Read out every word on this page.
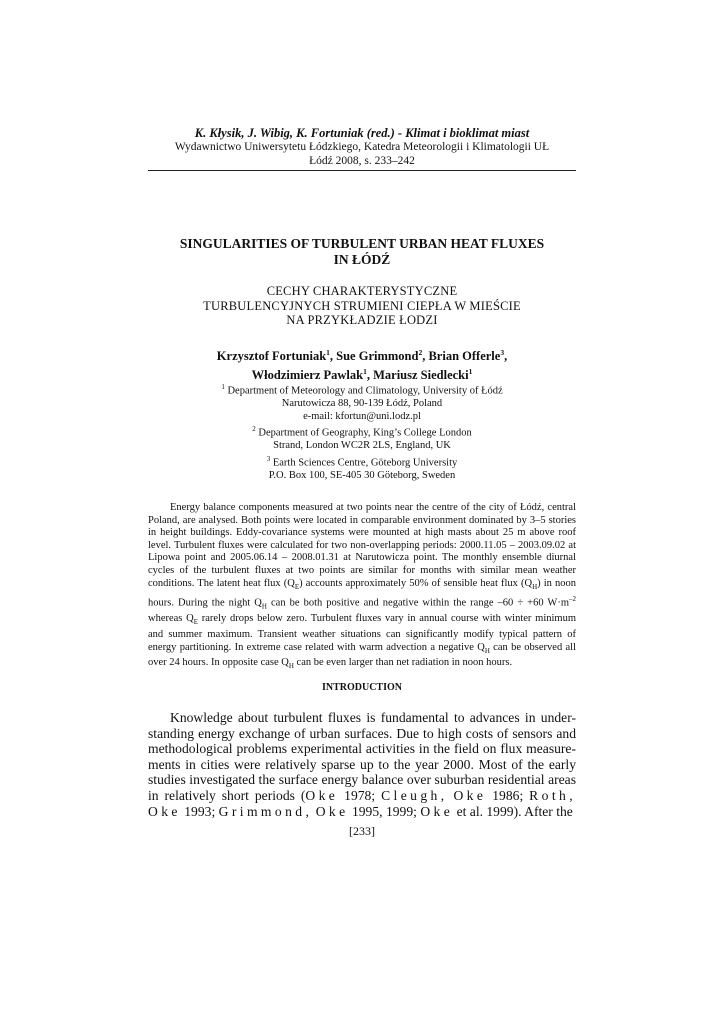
K. Kłysik, J. Wibig, K. Fortuniak (red.) - Klimat i bioklimat miast
Wydawnictwo Uniwersytetu Łódzkiego, Katedra Meteorologii i Klimatologii UŁ
Łódź 2008, s. 233–242
SINGULARITIES OF TURBULENT URBAN HEAT FLUXES
IN ŁÓDŹ
CECHY CHARAKTERYSTYCZNE
TURBULENCYJNYCH STRUMIENI CIEPŁA W MIEŚCIE
NA PRZYKŁADZIE ŁODZI
Krzysztof Fortuniak$^1$, Sue Grimmond$^2$, Brian Offerle$^3$,
Włodzimierz Pawlak$^1$, Mariusz Siedlecki$^1$
$^1$ Department of Meteorology and Climatology, University of Łódź
Narutowicza 88, 90-139 Łódź, Poland
e-mail: kfortun@uni.lodz.pl
$^2$ Department of Geography, King’s College London
Strand, London WC2R 2LS, England, UK
$^3$ Earth Sciences Centre, Göteborg University
P.O. Box 100, SE-405 30 Göteborg, Sweden
Energy balance components measured at two points near the centre of the city of Łódź, central Poland, are analysed. Both points were located in comparable environment dominated by 3–5 stories in height buildings. Eddy-covariance systems were mounted at high masts about 25 m above roof level. Turbulent fluxes were calculated for two non-overlapping periods: 2000.11.05 – 2003.09.02 at Lipowa point and 2005.06.14 – 2008.01.31 at Narutowicza point. The monthly ensemble diurnal cycles of the turbulent fluxes at two points are similar for months with similar mean weather conditions. The latent heat flux $(Q_E)$ accounts approximately 50% of sensible heat flux $(Q_H)$ in noon hours. During the night $Q_H$ can be both positive and negative within the range –60 ÷ +60 $W\cdot m^{-2}$ whereas $Q_E$ rarely drops below zero. Turbulent fluxes vary in annual course with winter minimum and summer maximum. Transient weather situations can significantly modify typical pattern of energy partitioning. In extreme case related with warm advection a negative $Q_H$ can be observed all over 24 hours. In opposite case $Q_H$ can be even larger than net radiation in noon hours.
INTRODUCTION
Knowledge about turbulent fluxes is fundamental to advances in under-standing energy exchange of urban surfaces. Due to high costs of sensors and methodological problems experimental activities in the field on flux measure-ments in cities were relatively sparse up to the year 2000. Most of the early studies investigated the surface energy balance over suburban residential areas in relatively short periods (Oke 1978; Cleugh, Oke 1986; Roth, Oke 1993; Grimmond, Oke 1995, 1999; Oke et al. 1999). After the
[233]
